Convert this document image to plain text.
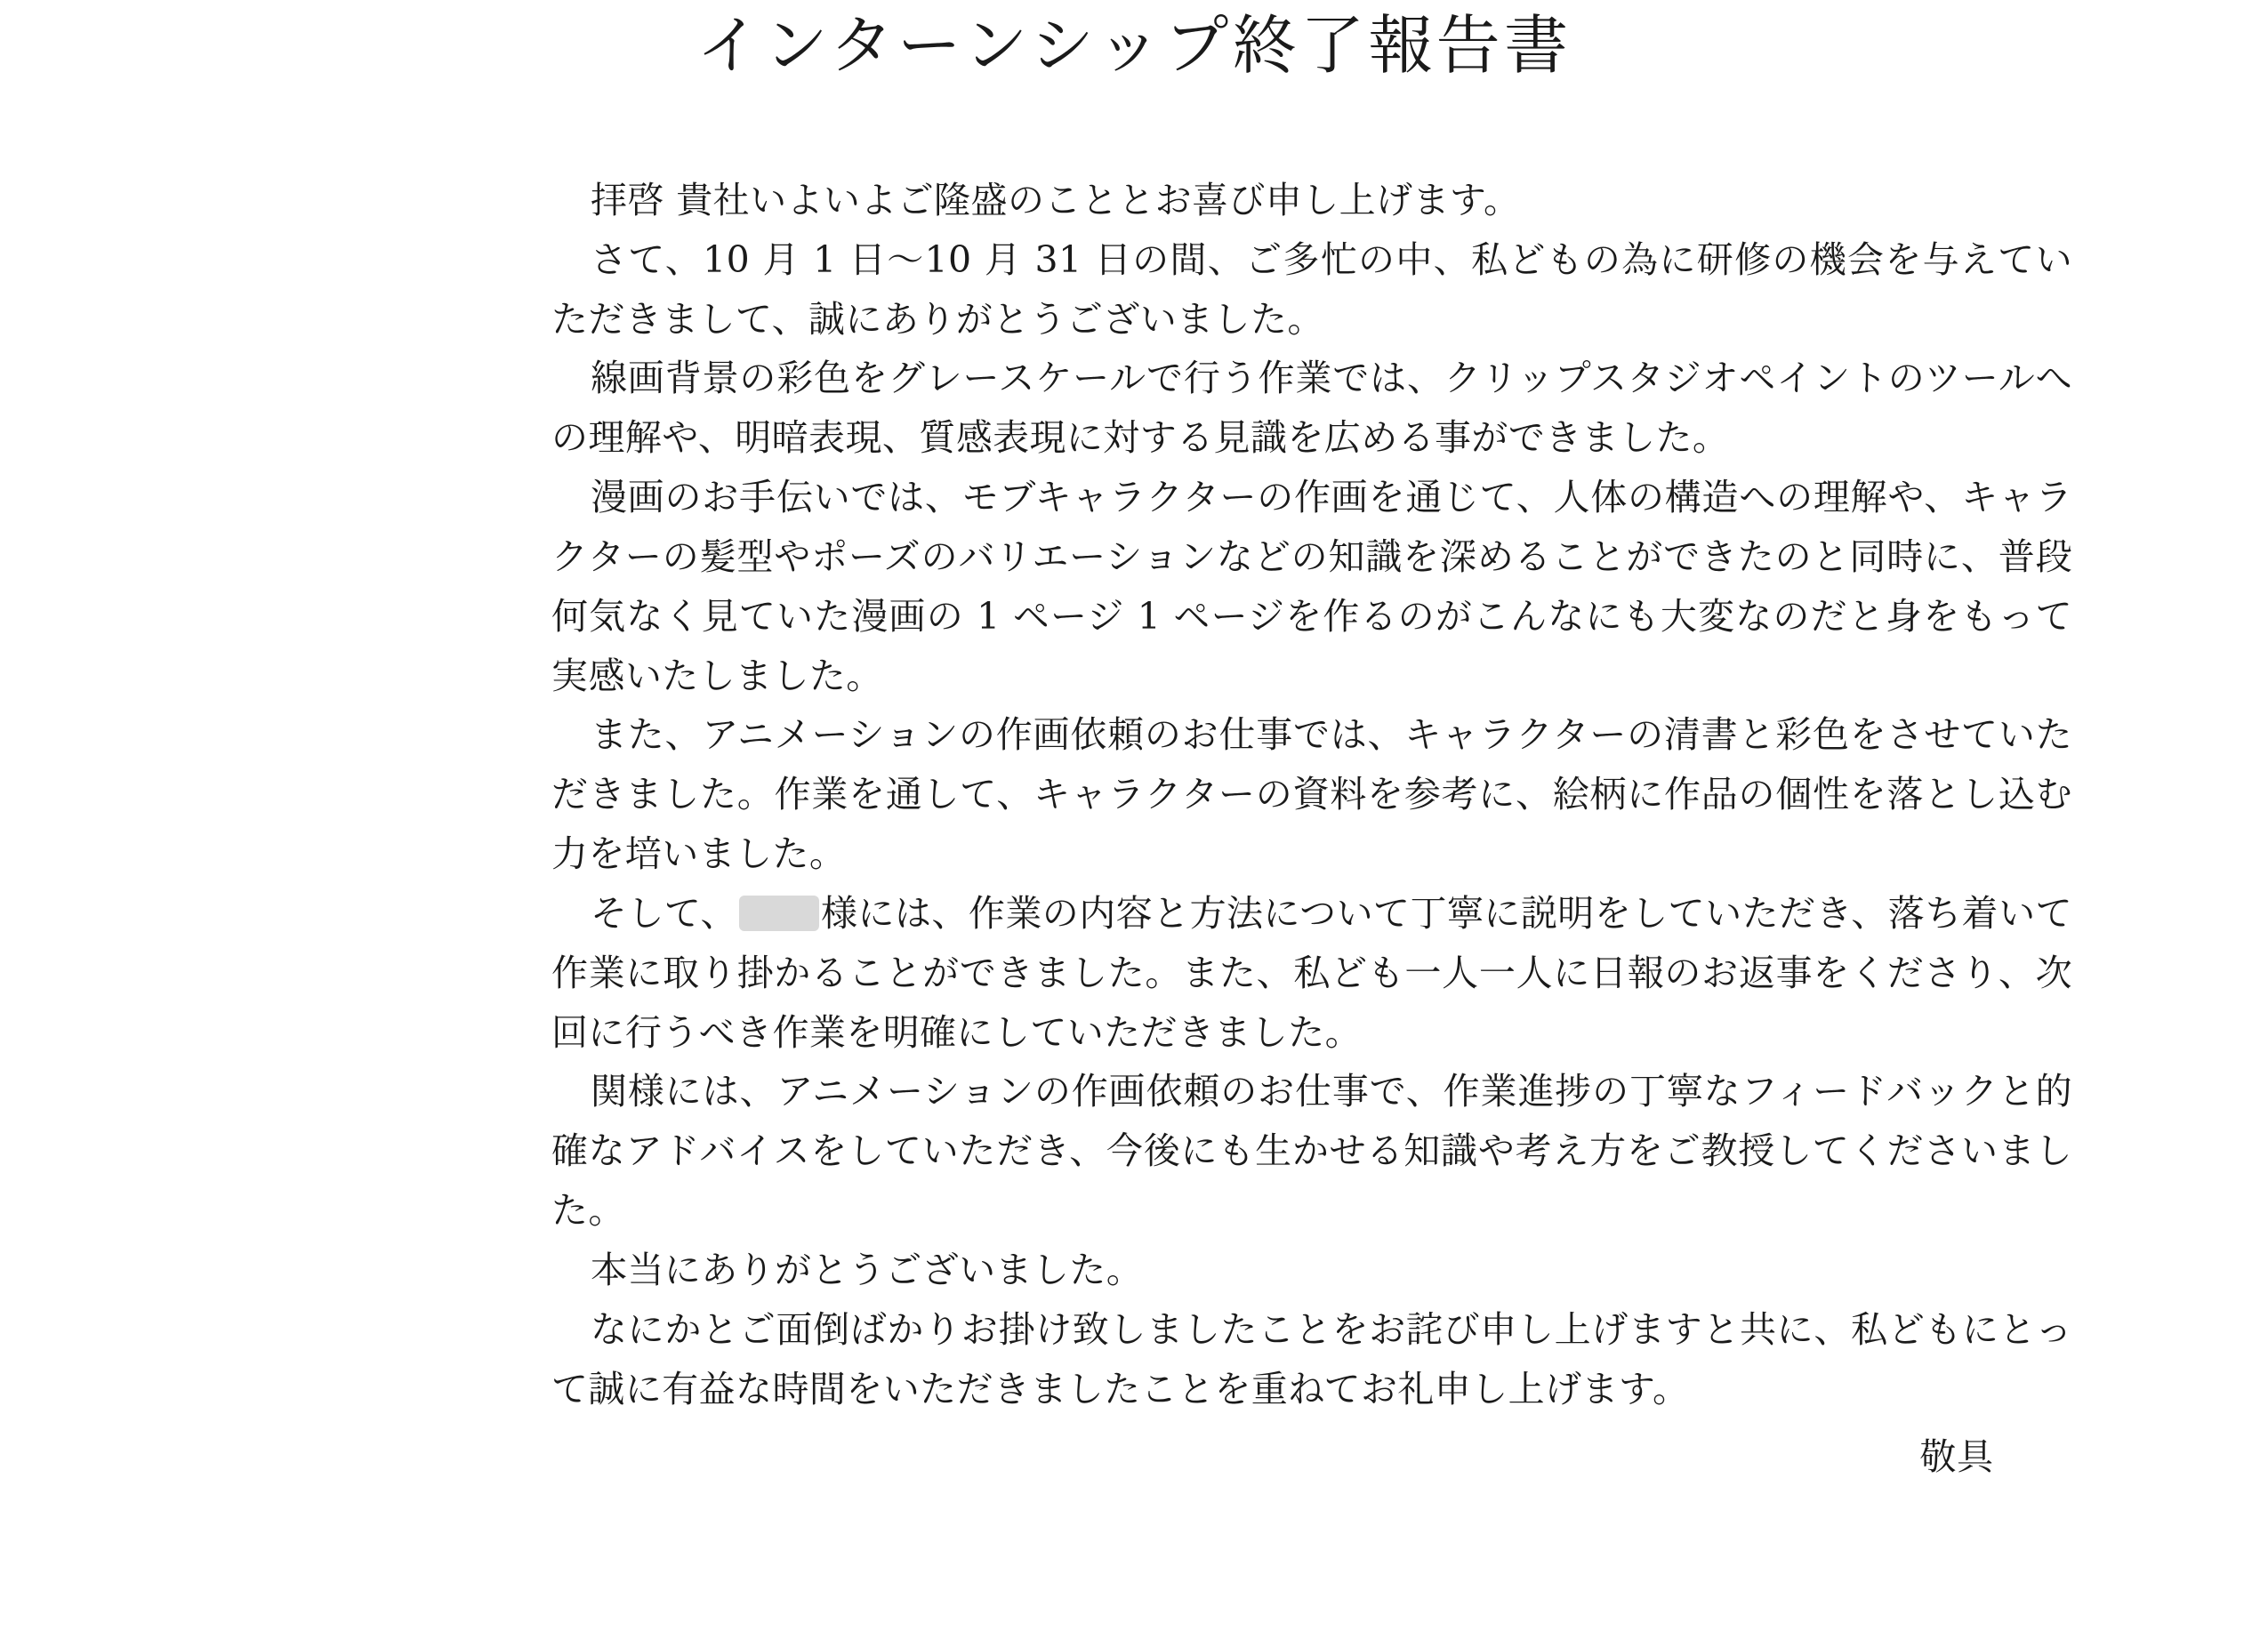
インターンシップ終了報告書

拝啓 貴社いよいよご隆盛のこととお喜び申し上げます。

さて、10 月 1 日〜10 月 31 日の間、ご多忙の中、私どもの為に研修の機会を与えていただきまして、誠にありがとうございました。

線画背景の彩色をグレースケールで行う作業では、クリップスタジオペイントのツールへの理解や、明暗表現、質感表現に対する見識を広める事ができました。

漫画のお手伝いでは、モブキャラクターの作画を通じて、人体の構造への理解や、キャラクターの髪型やポーズのバリエーションなどの知識を深めることができたのと同時に、普段何気なく見ていた漫画の 1 ページ 1 ページを作るのがこんなにも大変なのだと身をもって実感いたしました。

また、アニメーションの作画依頼のお仕事では、キャラクターの清書と彩色をさせていただきました。作業を通して、キャラクターの資料を参考に、絵柄に作品の個性を落とし込む力を培いました。

そして、 様には、作業の内容と方法について丁寧に説明をしていただき、落ち着いて作業に取り掛かることができました。また、私ども一人一人に日報のお返事をくださり、次回に行うべき作業を明確にしていただきました。

関様には、アニメーションの作画依頼のお仕事で、作業進捗の丁寧なフィードバックと的確なアドバイスをしていただき、今後にも生かせる知識や考え方をご教授してくださいました。

本当にありがとうございました。

なにかとご面倒ばかりお掛け致しましたことをお詫び申し上げますと共に、私どもにとって誠に有益な時間をいただきましたことを重ねてお礼申し上げます。

敬具
